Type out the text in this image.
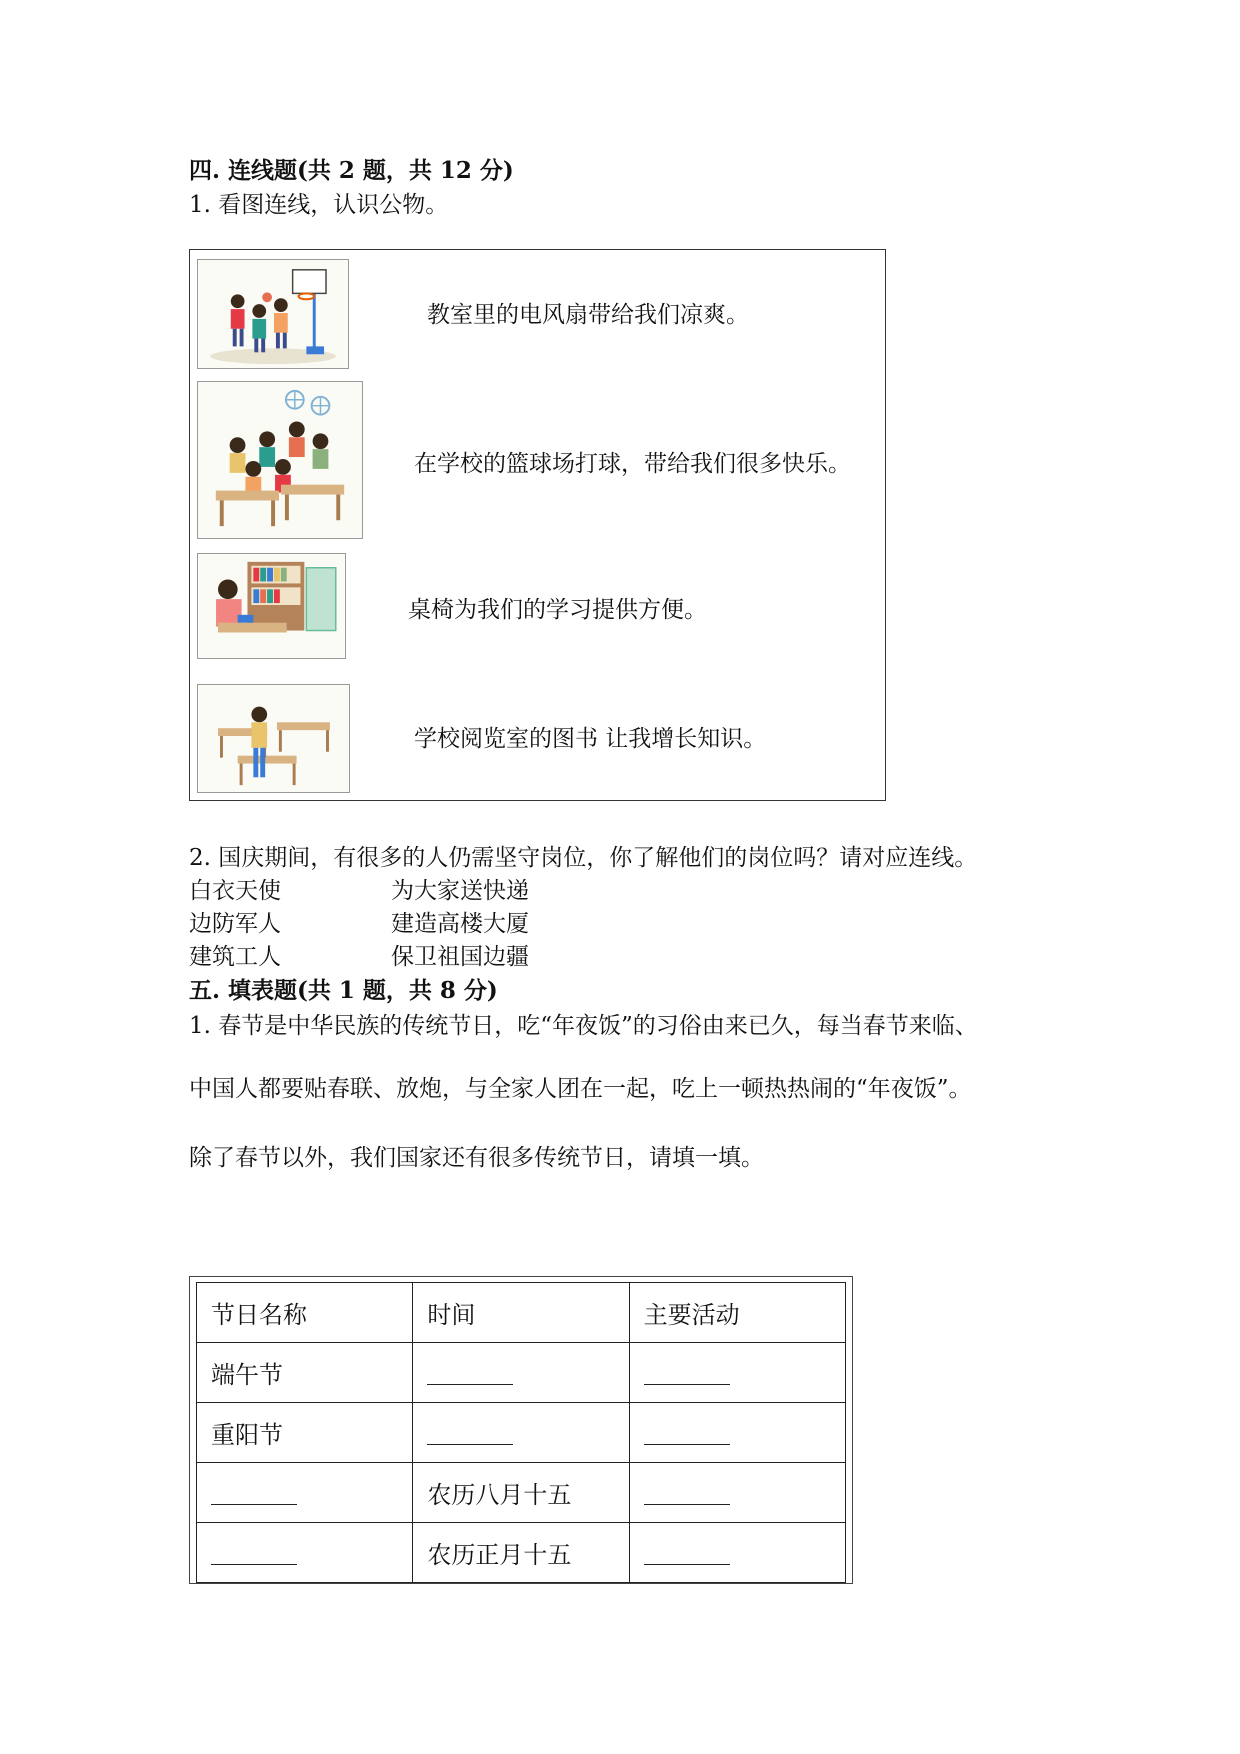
四. 连线题(共 2 题，共 12 分)
1. 看图连线，认识公物。
教室里的电风扇带给我们凉爽。
在学校的篮球场打球，带给我们很多快乐。
桌椅为我们的学习提供方便。
学校阅览室的图书 让我增长知识。
2. 国庆期间，有很多的人仍需坚守岗位，你了解他们的岗位吗？请对应连线。
白衣天使	为大家送快递
边防军人	建造高楼大厦
建筑工人	保卫祖国边疆
五. 填表题(共 1 题，共 8 分)
1. 春节是中华民族的传统节日，吃“年夜饭”的习俗由来已久，每当春节来临、
中国人都要贴春联、放炮，与全家人团在一起，吃上一顿热热闹的“年夜饭”。
除了春节以外，我们国家还有很多传统节日，请填一填。
节日名称	时间	主要活动
端午节		
重阳节		
	农历八月十五	
	农历正月十五	
